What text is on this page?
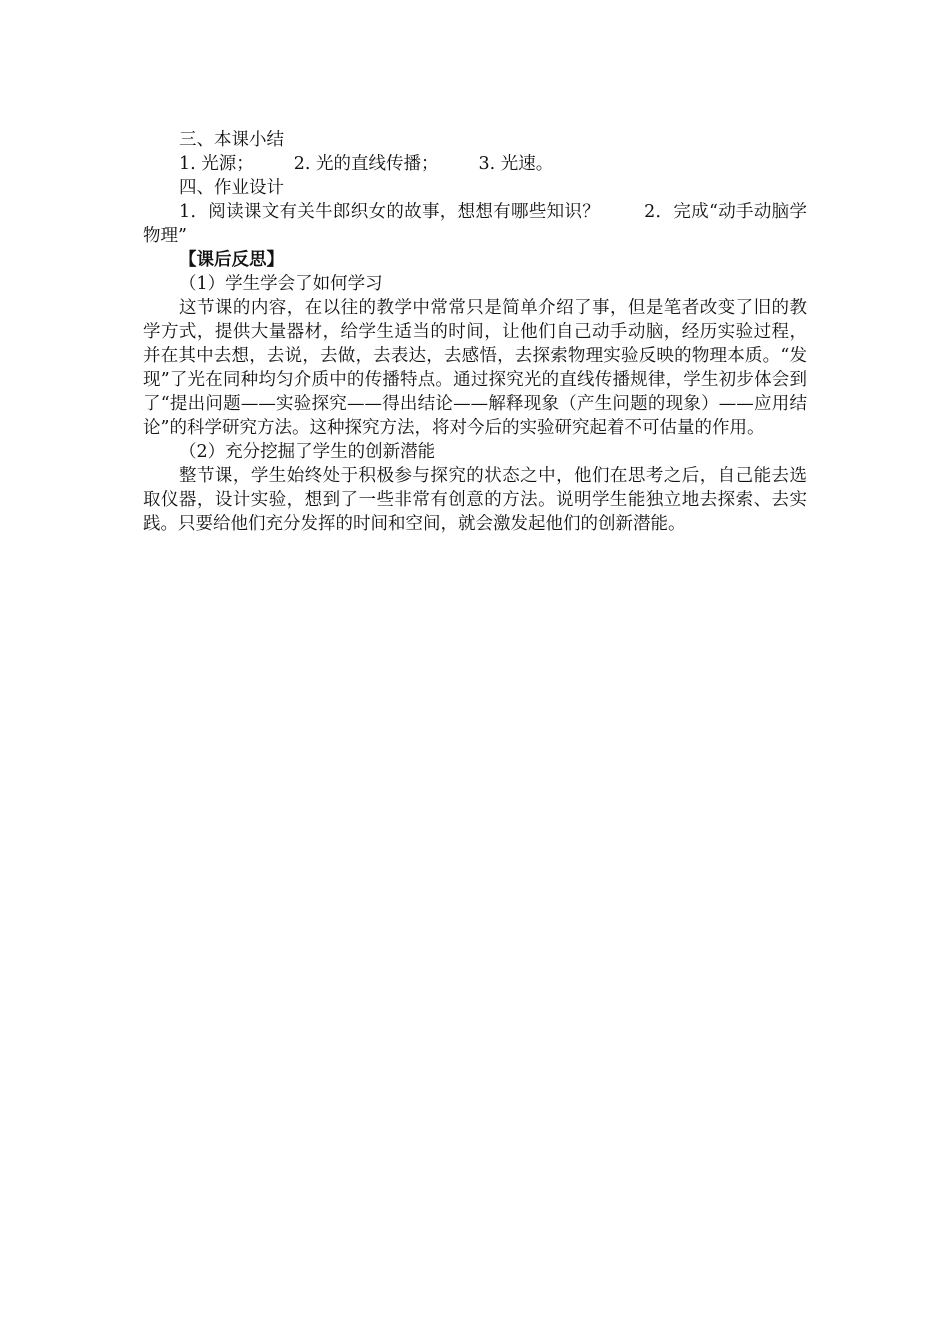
三、本课小结
1. 光源； 2. 光的直线传播； 3. 光速。
四、作业设计
1．阅读课文有关牛郎织女的故事，想想有哪些知识？	2．完成“动手动脑学物理”
【课后反思】
（1）学生学会了如何学习
这节课的内容，在以往的教学中常常只是简单介绍了事，但是笔者改变了旧的教学方式，提供大量器材，给学生适当的时间，让他们自己动手动脑，经历实验过程，并在其中去想，去说，去做，去表达，去感悟，去探索物理实验反映的物理本质。“发现”了光在同种均匀介质中的传播特点。通过探究光的直线传播规律，学生初步体会到了“提出问题——实验探究——得出结论——解释现象（产生问题的现象）——应用结论”的科学研究方法。这种探究方法，将对今后的实验研究起着不可估量的作用。
（2）充分挖掘了学生的创新潜能
整节课，学生始终处于积极参与探究的状态之中，他们在思考之后，自己能去选取仪器，设计实验，想到了一些非常有创意的方法。说明学生能独立地去探索、去实践。只要给他们充分发挥的时间和空间，就会激发起他们的创新潜能。
